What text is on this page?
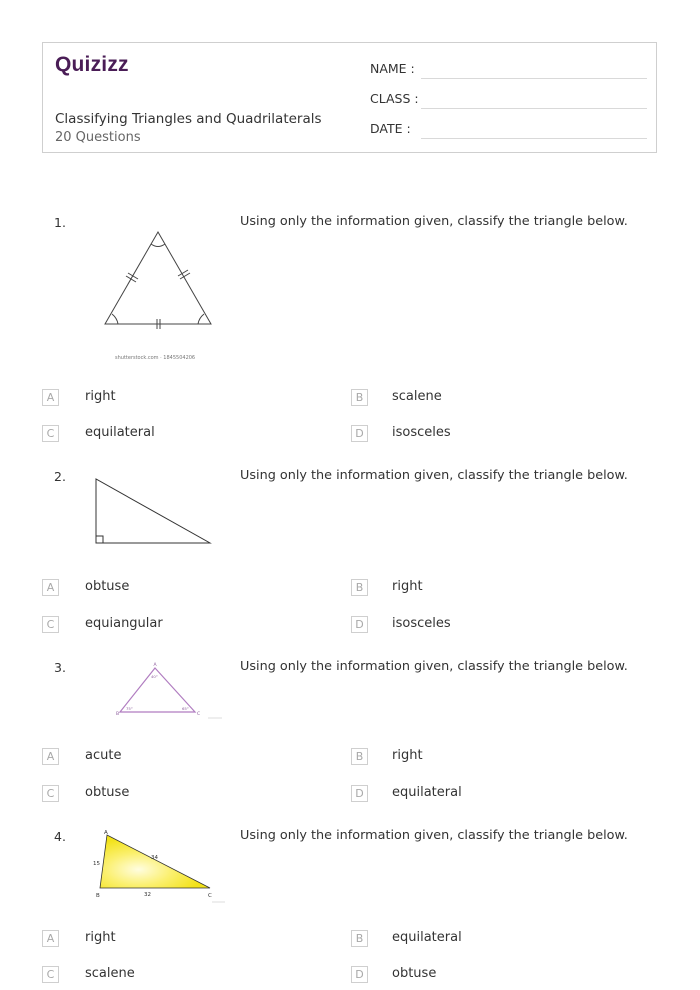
Quizizz
Classifying Triangles and Quadrilaterals
20 Questions
NAME :
CLASS :
DATE :
1.	Using only the information given, classify the triangle below.
shutterstock.com · 1845504206
A	right	B	scalene
C	equilateral	D	isosceles
2.	Using only the information given, classify the triangle below.
A	obtuse	B	right
C	equiangular	D	isosceles
3.	Using only the information given, classify the triangle below.
A
B	C
40°
75°	65°
A	acute	B	right
C	obtuse	D	equilateral
4.	Using only the information given, classify the triangle below.
A
B	C
15
34
32
A	right	B	equilateral
C	scalene	D	obtuse
